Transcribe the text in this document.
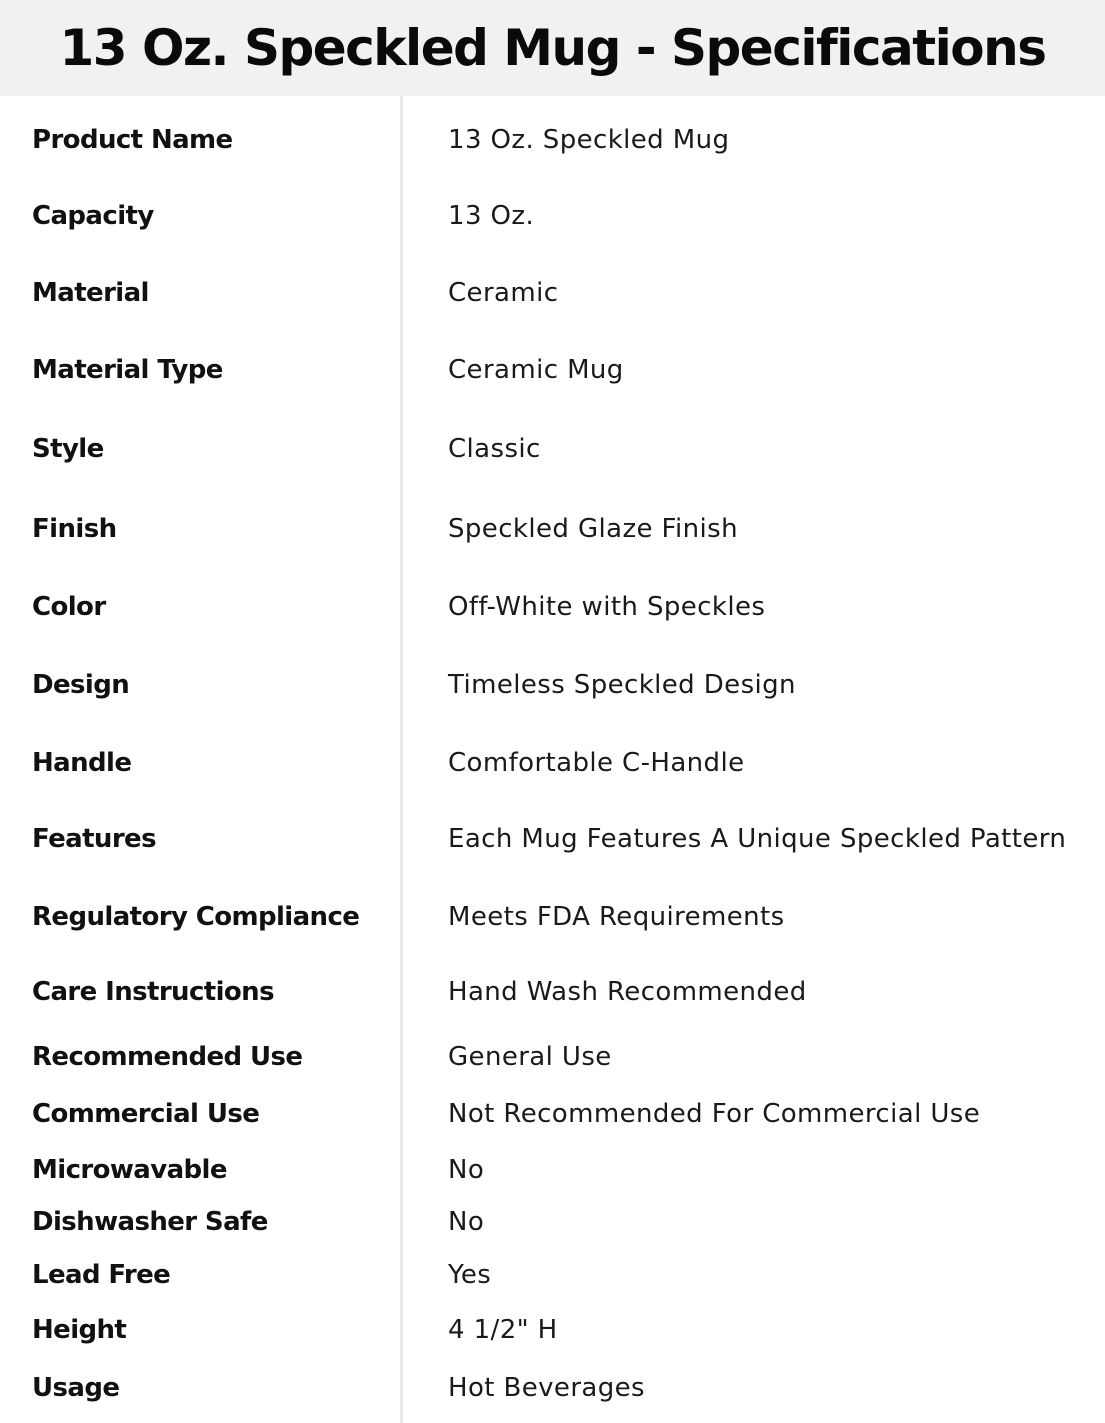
13 Oz. Speckled Mug - Specifications
Product Name	13 Oz. Speckled Mug
Capacity	13 Oz.
Material	Ceramic
Material Type	Ceramic Mug
Style	Classic
Finish	Speckled Glaze Finish
Color	Off-White with Speckles
Design	Timeless Speckled Design
Handle	Comfortable C-Handle
Features	Each Mug Features A Unique Speckled Pattern
Regulatory Compliance	Meets FDA Requirements
Care Instructions	Hand Wash Recommended
Recommended Use	General Use
Commercial Use	Not Recommended For Commercial Use
Microwavable	No
Dishwasher Safe	No
Lead Free	Yes
Height	4 1/2" H
Usage	Hot Beverages
